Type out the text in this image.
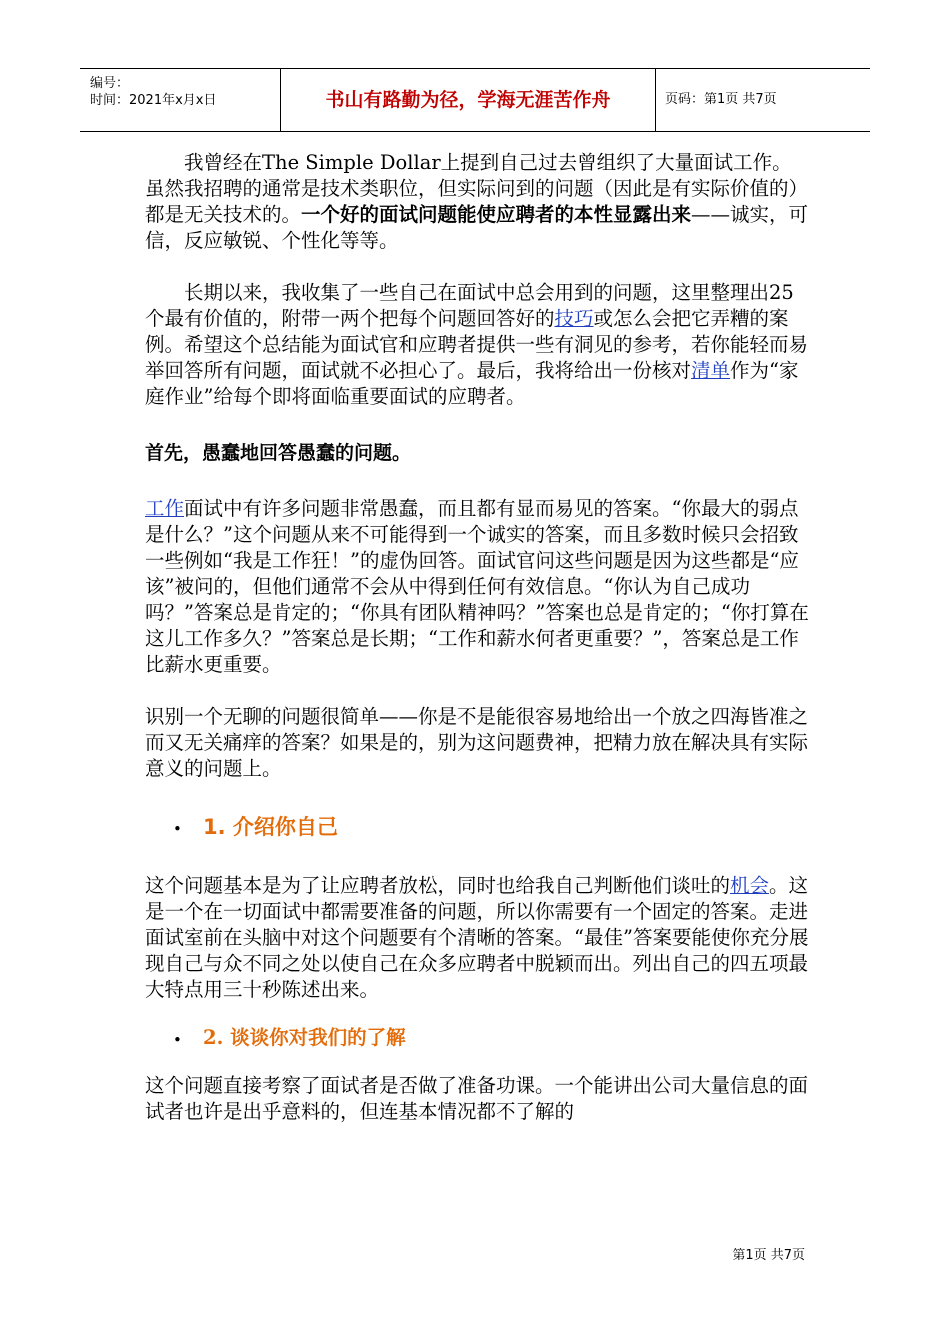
编号：
时间：2021年x月x日	书山有路勤为径，学海无涯苦作舟	页码：第1页 共7页

我曾经在The Simple Dollar上提到自己过去曾组织了大量面试工作。虽然我招聘的通常是技术类职位，但实际问到的问题（因此是有实际价值的）都是无关技术的。一个好的面试问题能使应聘者的本性显露出来——诚实，可信，反应敏锐、个性化等等。

长期以来，我收集了一些自己在面试中总会用到的问题，这里整理出25个最有价值的，附带一两个把每个问题回答好的技巧或怎么会把它弄糟的案例。希望这个总结能为面试官和应聘者提供一些有洞见的参考，若你能轻而易举回答所有问题，面试就不必担心了。最后，我将给出一份核对清单作为“家庭作业”给每个即将面临重要面试的应聘者。

首先，愚蠢地回答愚蠢的问题。

工作面试中有许多问题非常愚蠢，而且都有显而易见的答案。“你最大的弱点是什么？”这个问题从来不可能得到一个诚实的答案，而且多数时候只会招致一些例如“我是工作狂！”的虚伪回答。面试官问这些问题是因为这些都是“应该”被问的，但他们通常不会从中得到任何有效信息。“你认为自己成功吗？”答案总是肯定的；“你具有团队精神吗？”答案也总是肯定的；“你打算在这儿工作多久？”答案总是长期；“工作和薪水何者更重要？”，答案总是工作比薪水更重要。

识别一个无聊的问题很简单——你是不是能很容易地给出一个放之四海皆准之而又无关痛痒的答案？如果是的，别为这问题费神，把精力放在解决具有实际意义的问题上。

• 1. 介绍你自己

这个问题基本是为了让应聘者放松，同时也给我自己判断他们谈吐的机会。这是一个在一切面试中都需要准备的问题，所以你需要有一个固定的答案。走进面试室前在头脑中对这个问题要有个清晰的答案。“最佳”答案要能使你充分展现自己与众不同之处以使自己在众多应聘者中脱颖而出。列出自己的四五项最大特点用三十秒陈述出来。

• 2. 谈谈你对我们的了解

这个问题直接考察了面试者是否做了准备功课。一个能讲出公司大量信息的面试者也许是出乎意料的，但连基本情况都不了解的

第1页 共7页
